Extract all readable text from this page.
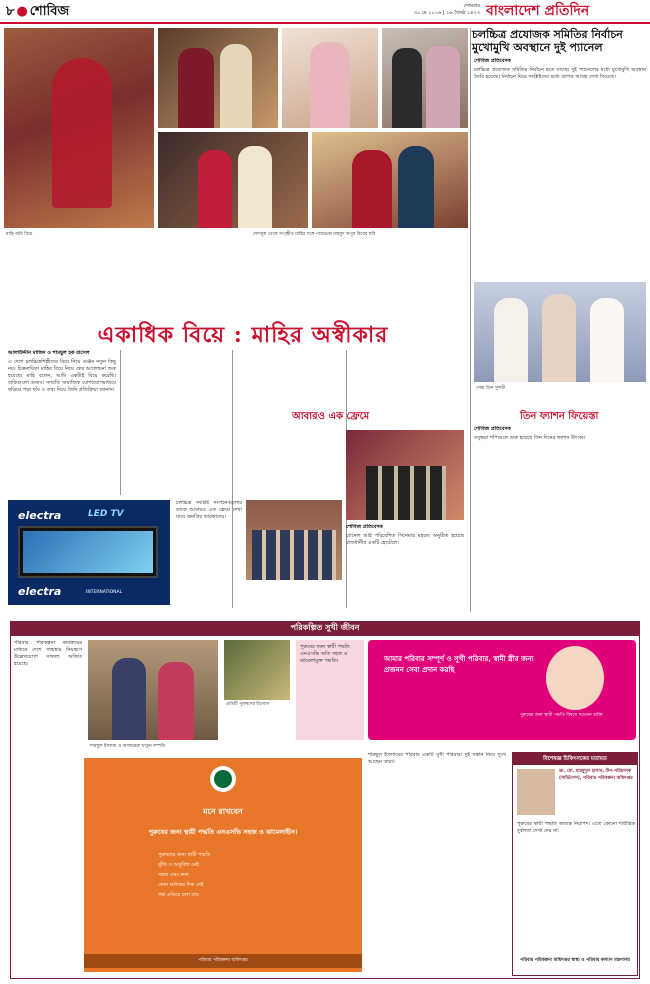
৮ ● শোবিজ	সোমবার
৩০ মে ২০১৬ | ১৬ জ্যৈষ্ঠ ১৪২৩ বাংলাদেশ প্রতিদিন
মাহি-অমি বিয়ে	ফেসবুক থেকে সংগৃহীত মাহির সঙ্গে পারভেজ মাহমুদ অপুর বিয়ের ছবি
একাধিক বিয়ে : মাহির অস্বীকার
আলাউদ্দীন মাজিদ ও শামছুল হক রাসেল
এ দেশে চলচ্চিত্রশিল্পীদের বিয়ে নিয়ে গুঞ্জন নতুন কিছু নয়। চিত্রনায়িকা মাহির বিয়ে নিয়ে ফের আলোচনা শুরু হয়েছে। মাহি বলেন, আমি একটাই বিয়ে করেছি। বাকিগুলো গুজব। সম্প্রতি সামাজিক যোগাযোগমাধ্যমে ছড়িয়ে পড়া ছবি ও তথ্য নিয়ে তিনি প্রতিক্রিয়া জানান।
electra	LED TV
electra	INTERNATIONAL
চলচ্চিত্র সংশ্লিষ্ট সংগঠনগুলোর ডাকে আবারও এক ফ্রেমে দেখা যাবে জনপ্রিয় তারকাদের।
আবারও এক ফ্রেমে
শোবিজ প্রতিবেদক
চ্যানেল আই পরিবেশিত সিনেমার মহরত অনুষ্ঠিত হয়েছে রাজধানীর একটি হোটেলে।
চলচ্চিত্র প্রযোজক সমিতির নির্বাচন মুখোমুখি অবস্থানে দুই প্যানেল
শোবিজ প্রতিবেদক
চলচ্চিত্র প্রযোজক সমিতির নির্বাচন হতে যাচ্ছে। দুই প্যানেলের মধ্যে মুখোমুখি অবস্থান তৈরি হয়েছে। নির্বাচন ঘিরে সংশ্লিষ্টদের মধ্যে ব্যাপক আগ্রহ দেখা দিয়েছে।
সেরা তিন সুন্দরী
তিন ফ্যাশন ফিয়েস্তা
শোবিজ প্রতিবেদক
বসুন্ধরা শপিংমলে শুরু হয়েছে তিন দিনের ফ্যাশন উৎসব।
পরিকল্পিত সুখী জীবন
পরিবার পরিকল্পনা কার্যক্রমের মাধ্যমে দেশে জন্মহার নিয়ন্ত্রণে উল্লেখযোগ্য সাফল্য অর্জিত হয়েছে।
শামছুল ইসলাম ও আজমেরা খাতুন দম্পতি
প্রতিটি পুরুষদের উদ্যোগ
পুরুষের জন্য স্থায়ী পদ্ধতি এনএসভি অতি সহজ ও ঝামেলামুক্ত পদ্ধতি।	আমার পরিবার সম্পূর্ণ ও সুখী পরিবার, স্বামী স্ত্রীর জন্য প্রজনন সেবা প্রদান করছি
পুরুষের জন্য স্থায়ী পদ্ধতি বিষয়ে সচেতন ব্যক্তি
মনে রাখবেন
পুরুষের জন্য স্থায়ী পদ্ধতি এনএসভি সহজ ও ঝামেলাহীন।
পুরুষদের জন্য স্থায়ী পদ্ধতি
ঝুঁকি ও অসুবিধা নেই
সহজ এবং দ্রুত
কোন ক্ষতিকর দিক নেই
গর্ভ এড়িয়ে চলা যায়
পরিবার পরিকল্পনা অধিদপ্তর
শামছুল ইসলামের পরিবার একটি সুখী পরিবার। দুই সন্তান নিয়ে সুখে আছেন তারা।	বিশেষজ্ঞ চিকিৎসকের মতামত
ডা. মো. মাহমুদুল হাসান, উপ-পরিচালক (সার্ভিসেস), পরিবার পরিকল্পনা অধিদপ্তর
পুরুষের স্থায়ী পদ্ধতি অত্যন্ত নিরাপদ। এতে কোনো শারীরিক দুর্বলতা দেখা দেয় না।
পরিবার পরিকল্পনা অধিদপ্তর স্বাস্থ্য ও পরিবার কল্যাণ মন্ত্রণালয়
